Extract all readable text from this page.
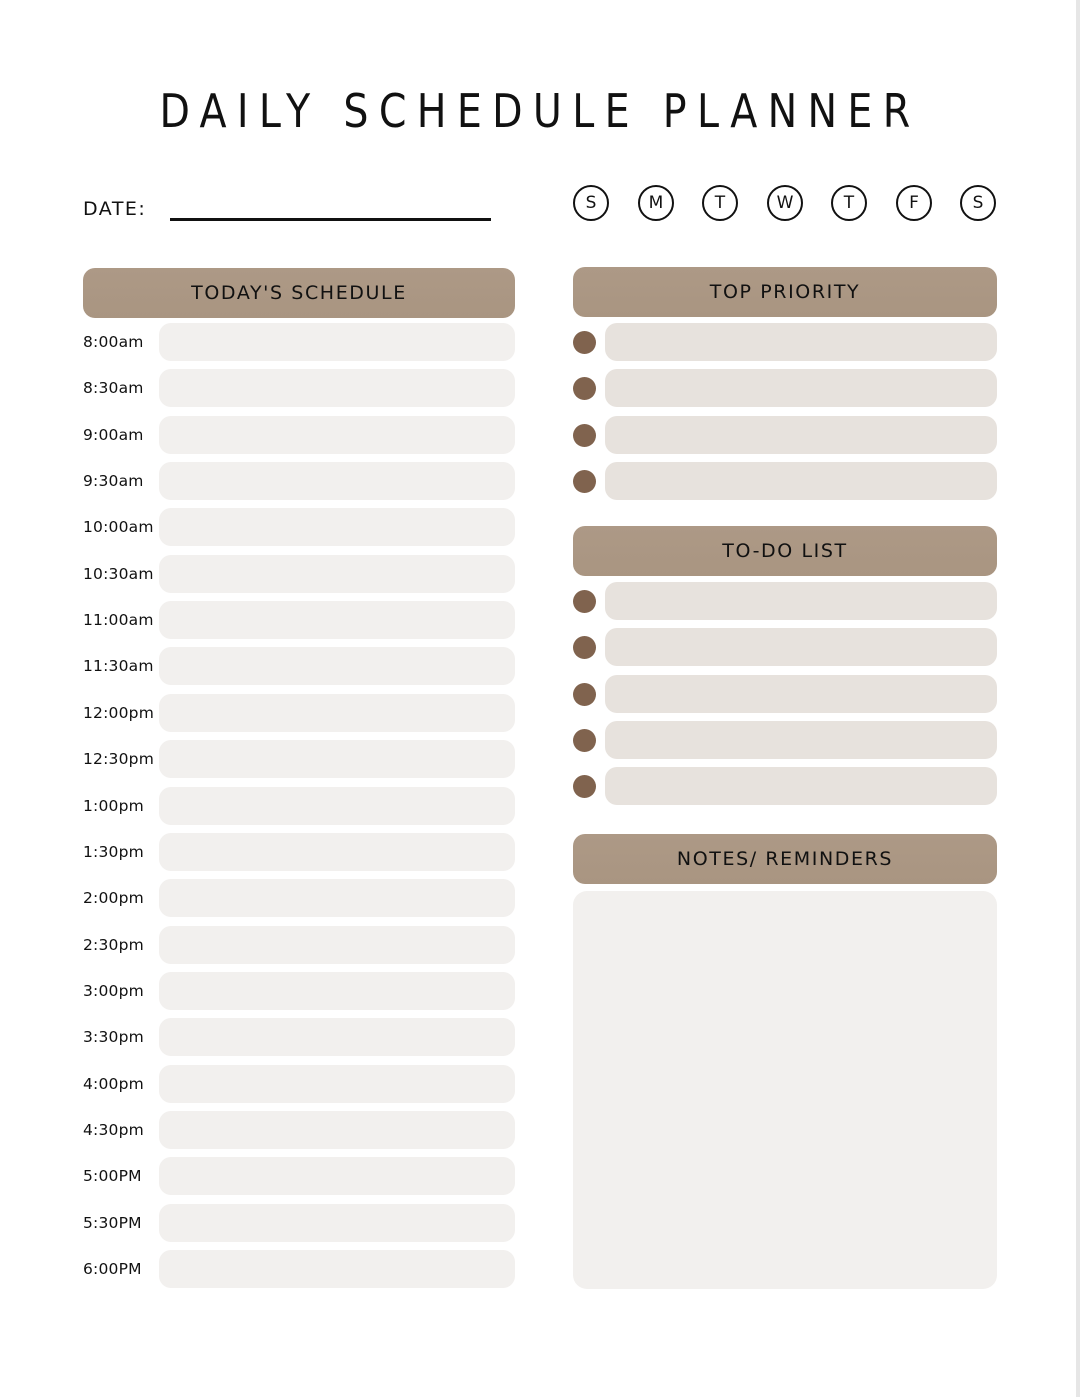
DAILY SCHEDULE PLANNER
DATE:	S	M	T	W	T	F	S
TODAY'S SCHEDULE
8:00am
8:30am
9:00am
9:30am
10:00am
10:30am
11:00am
11:30am
12:00pm
12:30pm
1:00pm
1:30pm
2:00pm
2:30pm
3:00pm
3:30pm
4:00pm
4:30pm
5:00PM
5:30PM
6:00PM
TOP PRIORITY
TO-DO LIST
NOTES/ REMINDERS
